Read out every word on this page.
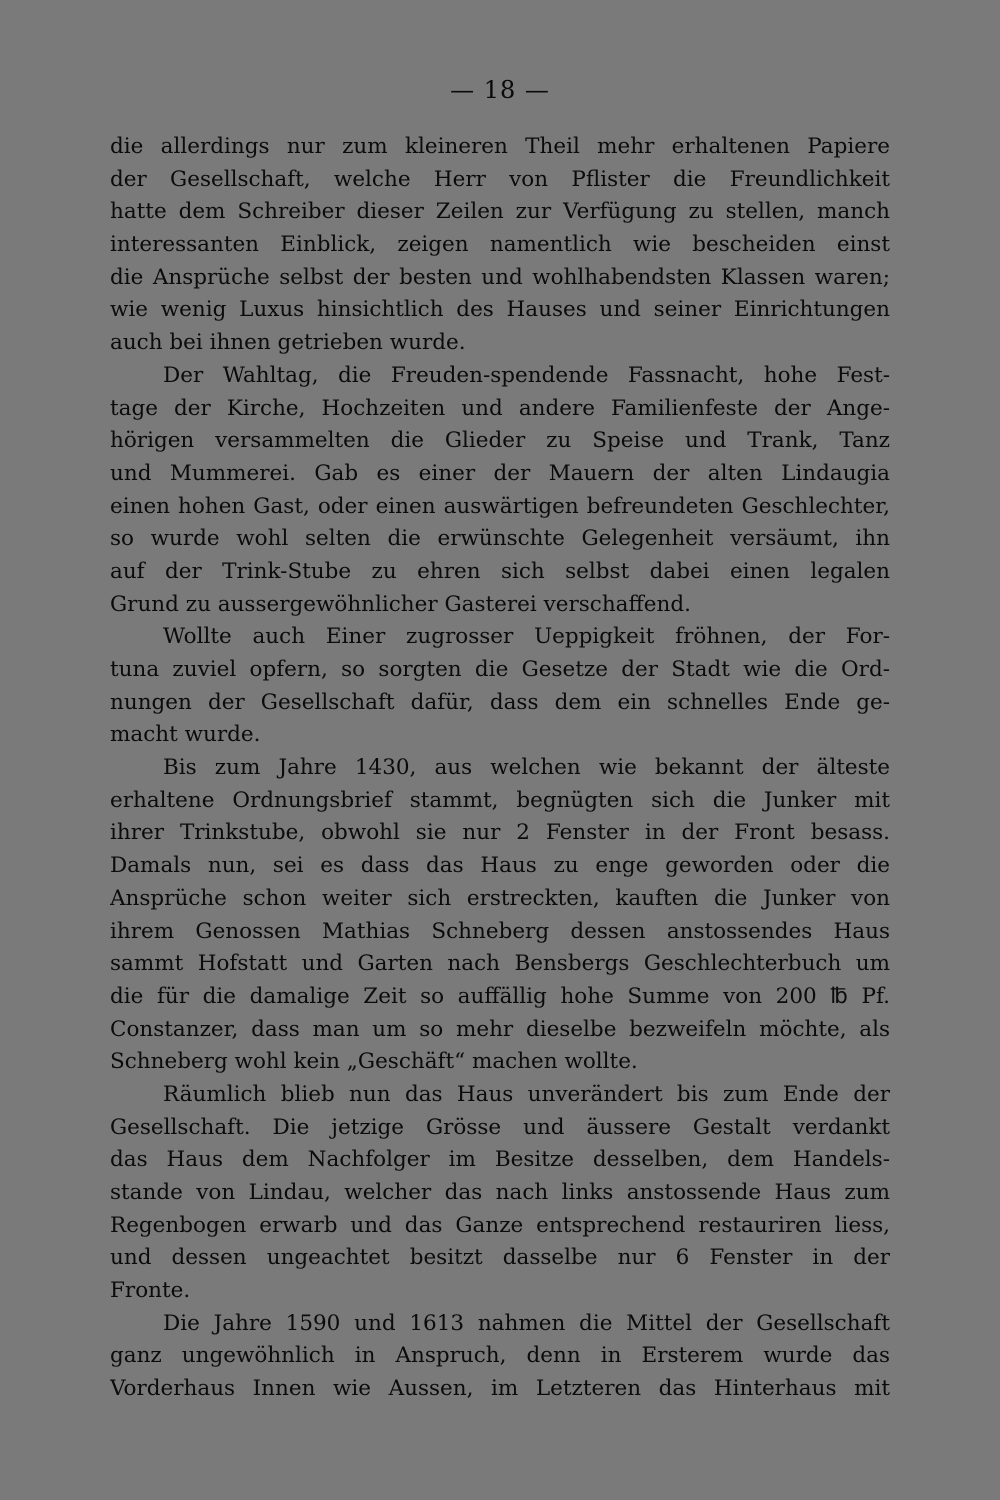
— 18 —
die allerdings nur zum kleineren Theil mehr erhaltenen Papiere
der Gesellschaft, welche Herr von Pflister die Freundlichkeit
hatte dem Schreiber dieser Zeilen zur Verfügung zu stellen, manch
interessanten Einblick, zeigen namentlich wie bescheiden einst
die Ansprüche selbst der besten und wohlhabendsten Klassen waren;
wie wenig Luxus hinsichtlich des Hauses und seiner Einrichtungen
auch bei ihnen getrieben wurde.
Der Wahltag, die Freuden-spendende Fassnacht, hohe Fest-
tage der Kirche, Hochzeiten und andere Familienfeste der Ange-
hörigen versammelten die Glieder zu Speise und Trank, Tanz
und Mummerei. Gab es einer der Mauern der alten Lindaugia
einen hohen Gast, oder einen auswärtigen befreundeten Geschlechter,
so wurde wohl selten die erwünschte Gelegenheit versäumt, ihn
auf der Trink-Stube zu ehren sich selbst dabei einen legalen
Grund zu aussergewöhnlicher Gasterei verschaffend.
Wollte auch Einer zugrosser Ueppigkeit fröhnen, der For-
tuna zuviel opfern, so sorgten die Gesetze der Stadt wie die Ord-
nungen der Gesellschaft dafür, dass dem ein schnelles Ende ge-
macht wurde.
Bis zum Jahre 1430, aus welchen wie bekannt der älteste
erhaltene Ordnungsbrief stammt, begnügten sich die Junker mit
ihrer Trinkstube, obwohl sie nur 2 Fenster in der Front besass.
Damals nun, sei es dass das Haus zu enge geworden oder die
Ansprüche schon weiter sich erstreckten, kauften die Junker von
ihrem Genossen Mathias Schneberg dessen anstossendes Haus
sammt Hofstatt und Garten nach Bensbergs Geschlechterbuch um
die für die damalige Zeit so auffällig hohe Summe von 200 ℔ Pf.
Constanzer, dass man um so mehr dieselbe bezweifeln möchte, als
Schneberg wohl kein „Geschäft“ machen wollte.
Räumlich blieb nun das Haus unverändert bis zum Ende der
Gesellschaft. Die jetzige Grösse und äussere Gestalt verdankt
das Haus dem Nachfolger im Besitze desselben, dem Handels-
stande von Lindau, welcher das nach links anstossende Haus zum
Regenbogen erwarb und das Ganze entsprechend restauriren liess,
und dessen ungeachtet besitzt dasselbe nur 6 Fenster in der
Fronte.
Die Jahre 1590 und 1613 nahmen die Mittel der Gesellschaft
ganz ungewöhnlich in Anspruch, denn in Ersterem wurde das
Vorderhaus Innen wie Aussen, im Letzteren das Hinterhaus mit
